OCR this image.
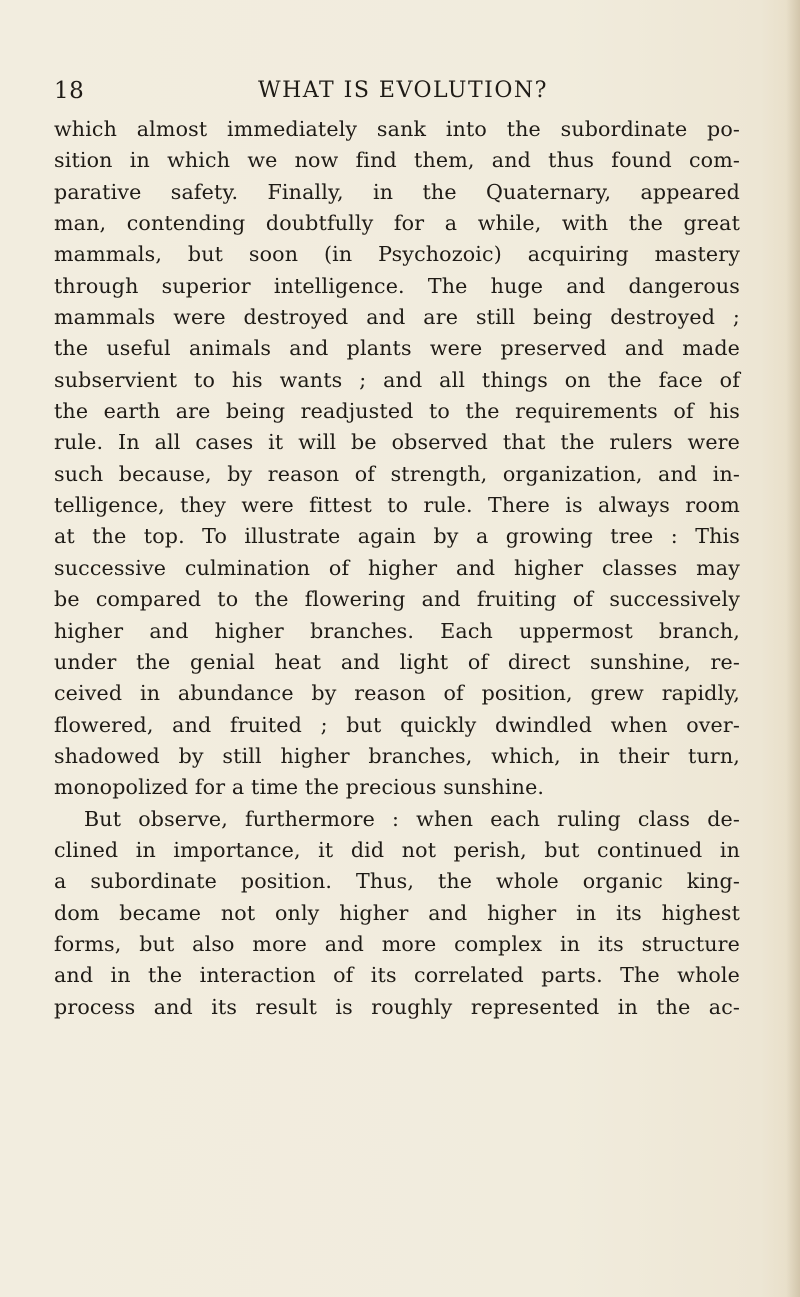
18	WHAT IS EVOLUTION?
which almost immediately sank into the subordinate po-
sition in which we now find them, and thus found com-
parative safety. Finally, in the Quaternary, appeared
man, contending doubtfully for a while, with the great
mammals, but soon (in Psychozoic) acquiring mastery
through superior intelligence. The huge and dangerous
mammals were destroyed and are still being destroyed ;
the useful animals and plants were preserved and made
subservient to his wants ; and all things on the face of
the earth are being readjusted to the requirements of his
rule. In all cases it will be observed that the rulers were
such because, by reason of strength, organization, and in-
telligence, they were fittest to rule. There is always room
at the top. To illustrate again by a growing tree : This
successive culmination of higher and higher classes may
be compared to the flowering and fruiting of successively
higher and higher branches. Each uppermost branch,
under the genial heat and light of direct sunshine, re-
ceived in abundance by reason of position, grew rapidly,
flowered, and fruited ; but quickly dwindled when over-
shadowed by still higher branches, which, in their turn,
monopolized for a time the precious sunshine.
But observe, furthermore : when each ruling class de-
clined in importance, it did not perish, but continued in
a subordinate position. Thus, the whole organic king-
dom became not only higher and higher in its highest
forms, but also more and more complex in its structure
and in the interaction of its correlated parts. The whole
process and its result is roughly represented in the ac-
